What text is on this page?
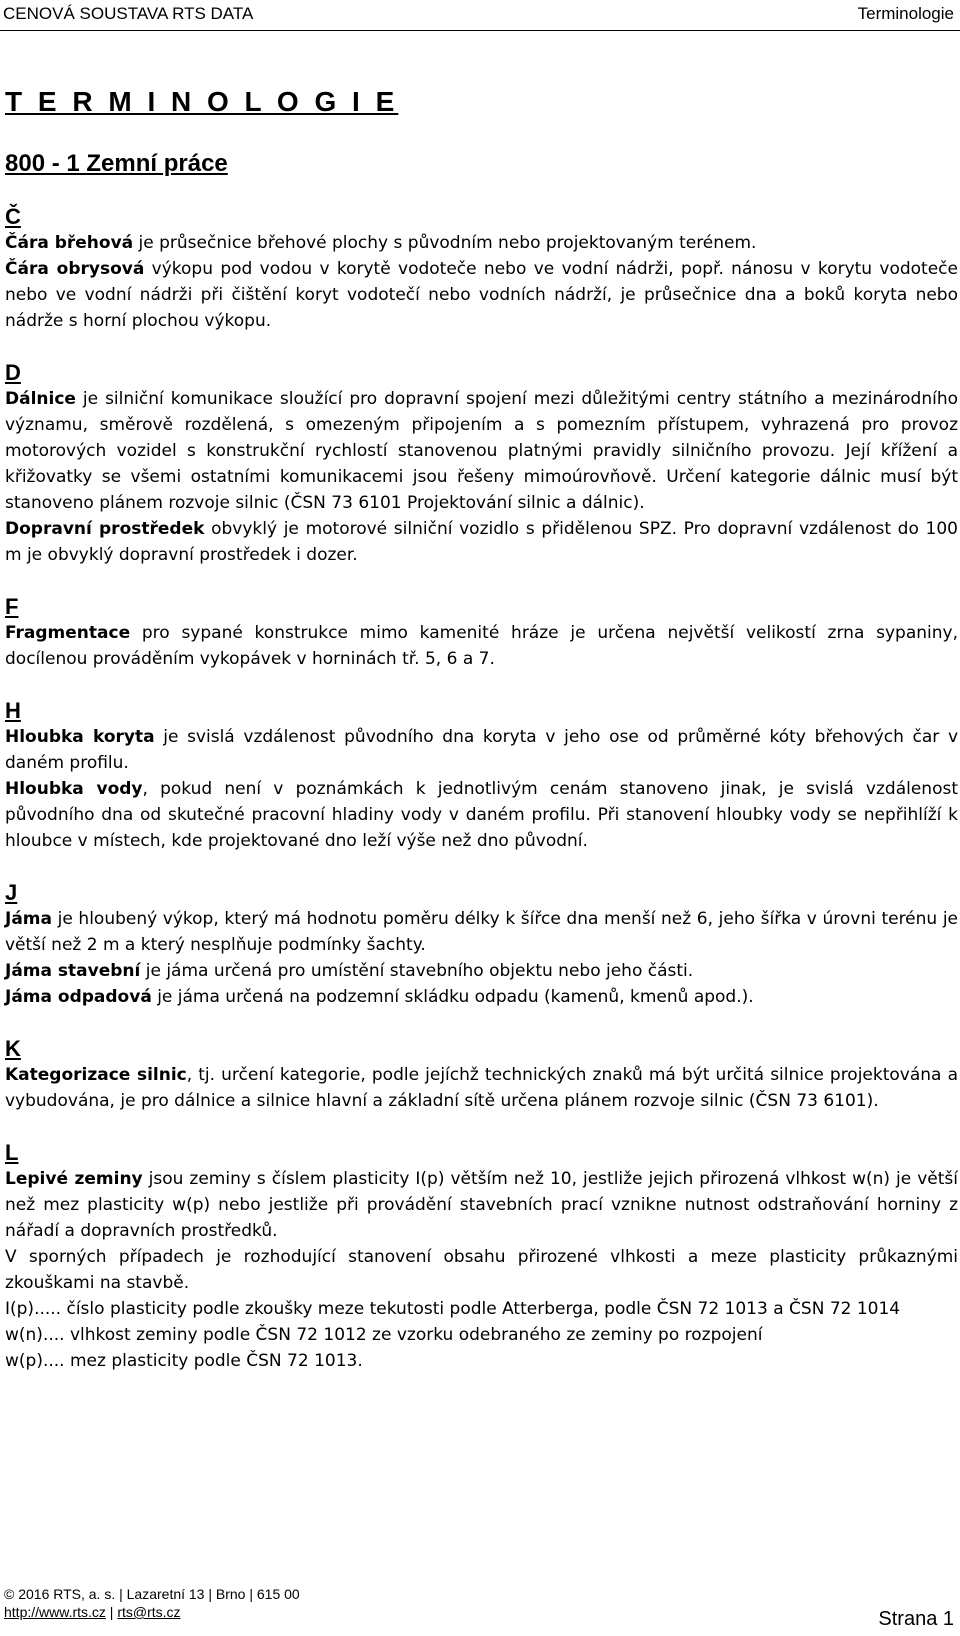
CENOVÁ SOUSTAVA RTS DATA	Terminologie
T E R M I N O L O G I E
800 - 1 Zemní práce
Č

Čára břehová je průsečnice břehové plochy s původním nebo projektovaným terénem.

Čára obrysová výkopu pod vodou v korytě vodoteče nebo ve vodní nádrži, popř. nánosu v korytu vodoteče nebo ve vodní nádrži při čištění koryt vodotečí nebo vodních nádrží, je průsečnice dna a boků koryta nebo nádrže s horní plochou výkopu.

D

Dálnice je silniční komunikace sloužící pro dopravní spojení mezi důležitými centry státního a mezinárodního významu, směrově rozdělená, s omezeným připojením a s pomezním přístupem, vyhrazená pro provoz motorových vozidel s konstrukční rychlostí stanovenou platnými pravidly silničního provozu. Její křížení a křižovatky se všemi ostatními komunikacemi jsou řešeny mimoúrovňově. Určení kategorie dálnic musí být stanoveno plánem rozvoje silnic (ČSN 73 6101 Projektování silnic a dálnic).

Dopravní prostředek obvyklý je motorové silniční vozidlo s přidělenou SPZ. Pro dopravní vzdálenost do 100 m je obvyklý dopravní prostředek i dozer.

F

Fragmentace pro sypané konstrukce mimo kamenité hráze je určena největší velikostí zrna sypaniny, docílenou prováděním vykopávek v horninách tř. 5, 6 a 7.

H

Hloubka koryta je svislá vzdálenost původního dna koryta v jeho ose od průměrné kóty břehových čar v daném profilu.

Hloubka vody, pokud není v poznámkách k jednotlivým cenám stanoveno jinak, je svislá vzdálenost původního dna od skutečné pracovní hladiny vody v daném profilu. Při stanovení hloubky vody se nepřihlíží k hloubce v místech, kde projektované dno leží výše než dno původní.

J

Jáma je hloubený výkop, který má hodnotu poměru délky k šířce dna menší než 6, jeho šířka v úrovni terénu je větší než 2 m a který nesplňuje podmínky šachty.

Jáma stavební je jáma určená pro umístění stavebního objektu nebo jeho části.

Jáma odpadová je jáma určená na podzemní skládku odpadu (kamenů, kmenů apod.).

K

Kategorizace silnic, tj. určení kategorie, podle jejíchž technických znaků má být určitá silnice projektována a vybudována, je pro dálnice a silnice hlavní a základní sítě určena plánem rozvoje silnic (ČSN 73 6101).

L

Lepivé zeminy jsou zeminy s číslem plasticity I(p) větším než 10, jestliže jejich přirozená vlhkost w(n) je větší než mez plasticity w(p) nebo jestliže při provádění stavebních prací vznikne nutnost odstraňování horniny z nářadí a dopravních prostředků.

V sporných případech je rozhodující stanovení obsahu přirozené vlhkosti a meze plasticity průkaznými zkouškami na stavbě.

I(p)..... číslo plasticity podle zkoušky meze tekutosti podle Atterberga, podle ČSN 72 1013 a ČSN 72 1014

w(n).... vlhkost zeminy podle ČSN 72 1012 ze vzorku odebraného ze zeminy po rozpojení

w(p).... mez plasticity podle ČSN 72 1013.

© 2016 RTS, a. s. | Lazaretní 13 | Brno | 615 00
http://www.rts.cz | rts@rts.cz	Strana 1
